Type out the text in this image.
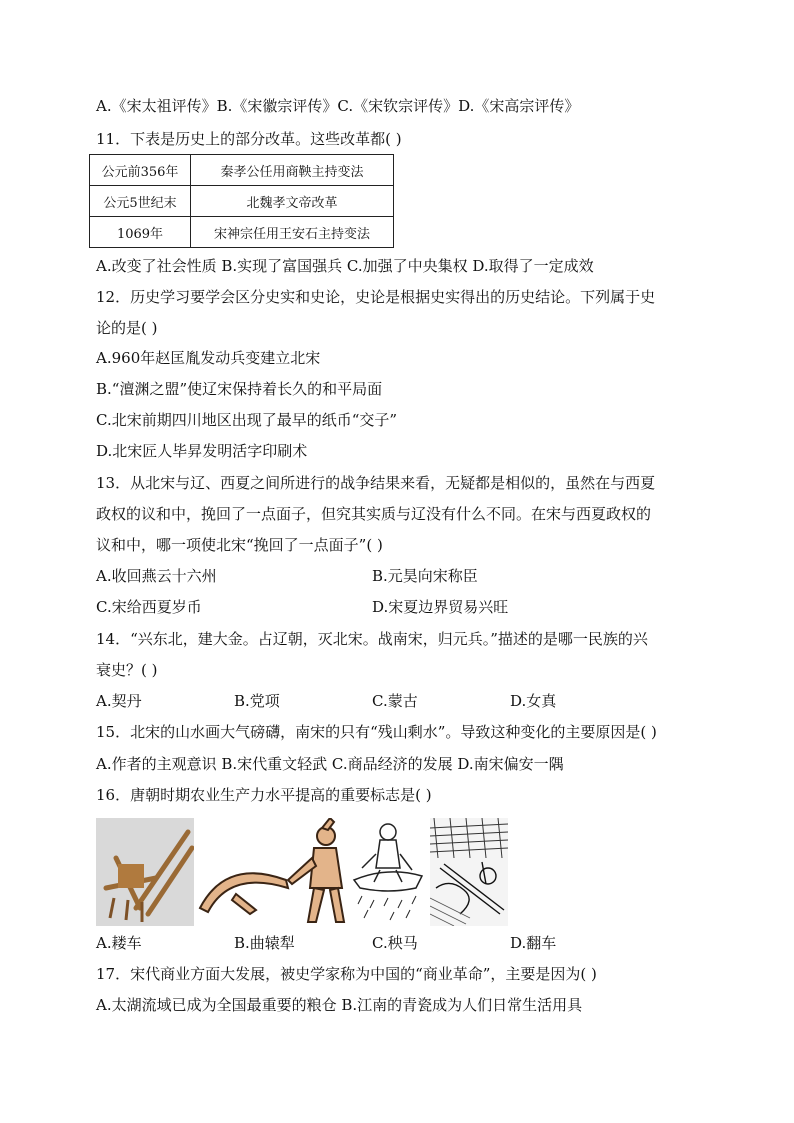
A.《宋太祖评传》B.《宋徽宗评传》C.《宋钦宗评传》D.《宋高宗评传》
11．下表是历史上的部分改革。这些改革都( )
公元前356年	秦孝公任用商鞅主持变法
公元5世纪末	北魏孝文帝改革
1069年	宋神宗任用王安石主持变法
A.改变了社会性质 B.实现了富国强兵 C.加强了中央集权 D.取得了一定成效
12．历史学习要学会区分史实和史论，史论是根据史实得出的历史结论。下列属于史
论的是( )
A.960年赵匡胤发动兵变建立北宋
B.“澶渊之盟”使辽宋保持着长久的和平局面
C.北宋前期四川地区出现了最早的纸币“交子”
D.北宋匠人毕昇发明活字印刷术
13．从北宋与辽、西夏之间所进行的战争结果来看，无疑都是相似的，虽然在与西夏
政权的议和中，挽回了一点面子，但究其实质与辽没有什么不同。在宋与西夏政权的
议和中，哪一项使北宋“挽回了一点面子”( )
A.收回燕云十六州	B.元昊向宋称臣
C.宋给西夏岁币	D.宋夏边界贸易兴旺
14．“兴东北，建大金。占辽朝，灭北宋。战南宋，归元兵。”描述的是哪一民族的兴
衰史？( )
A.契丹	B.党项	C.蒙古	D.女真
15．北宋的山水画大气磅礴，南宋的只有“残山剩水”。导致这种变化的主要原因是( )
A.作者的主观意识 B.宋代重文轻武 C.商品经济的发展 D.南宋偏安一隅
16．唐朝时期农业生产力水平提高的重要标志是( )
A.耧车	B.曲辕犁	C.秧马	D.翻车
17．宋代商业方面大发展，被史学家称为中国的“商业革命”，主要是因为( )
A.太湖流域已成为全国最重要的粮仓 B.江南的青瓷成为人们日常生活用具
